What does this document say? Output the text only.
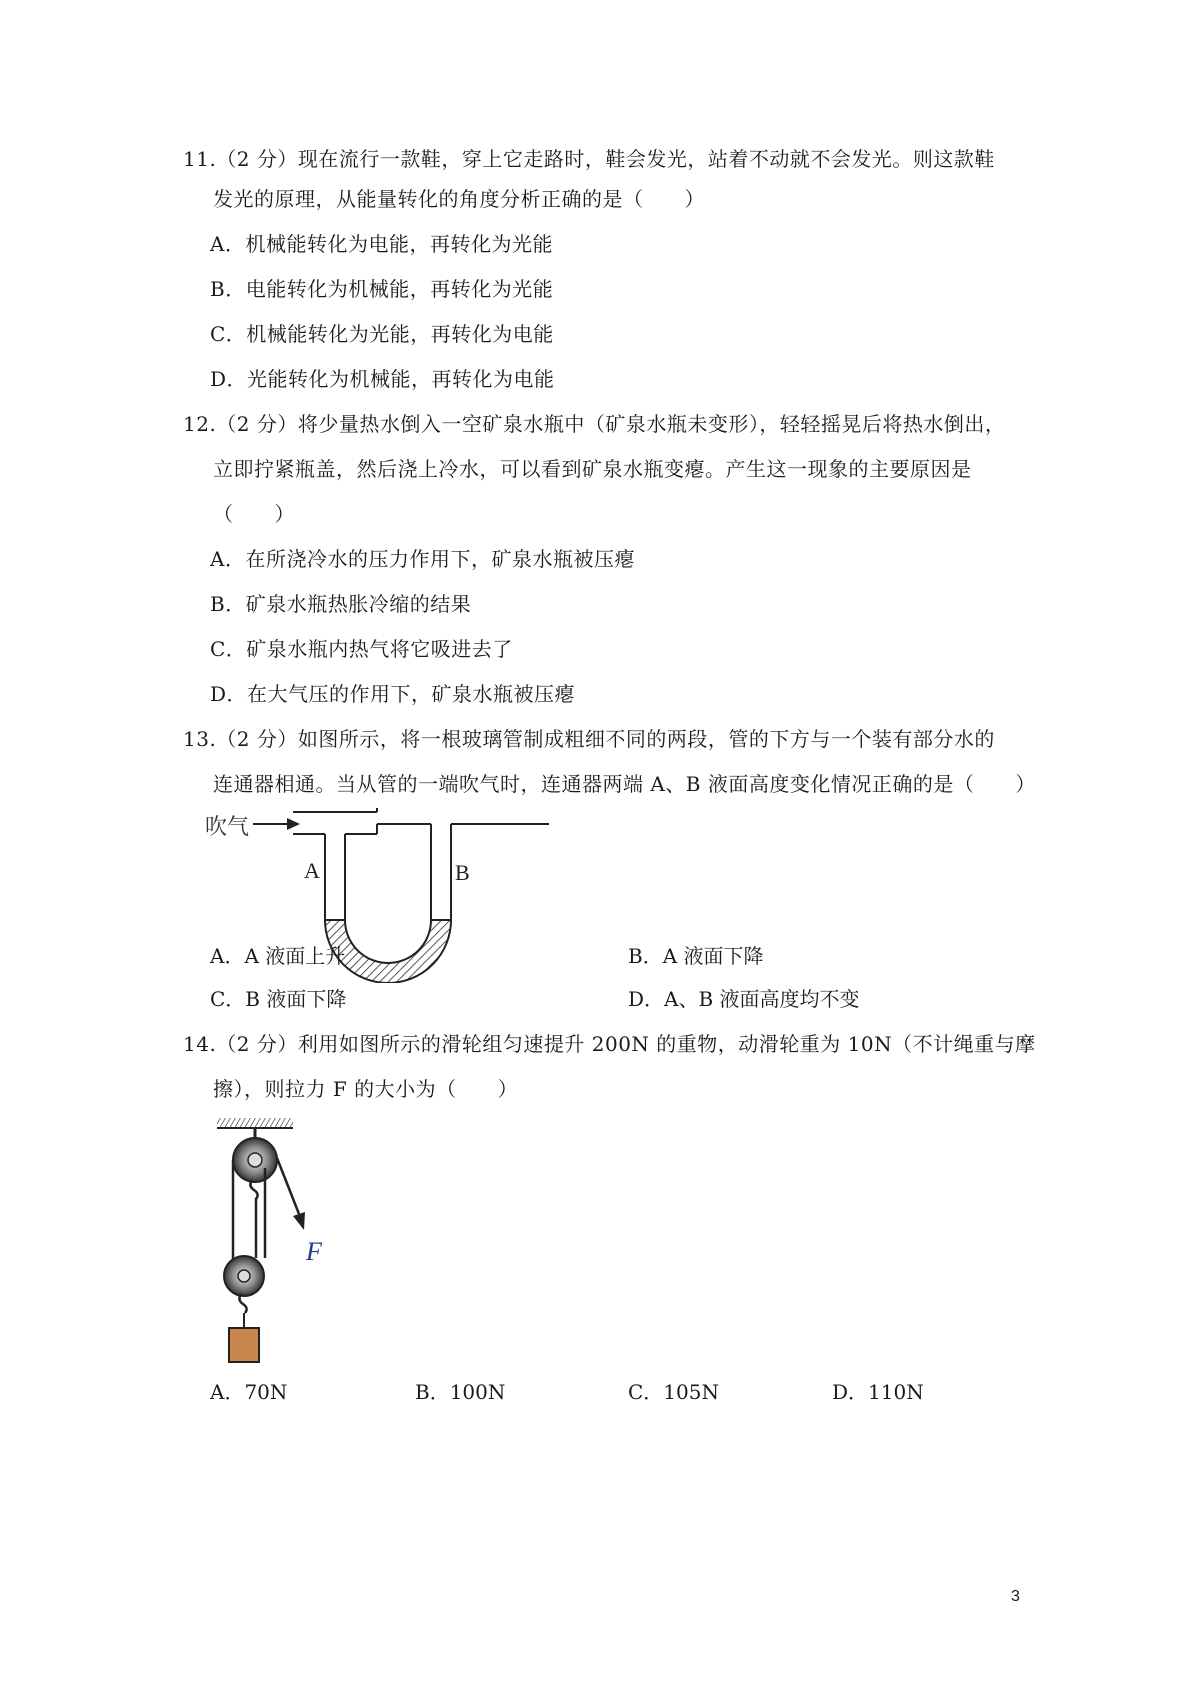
11.（2 分）现在流行一款鞋，穿上它走路时，鞋会发光，站着不动就不会发光。则这款鞋
发光的原理，从能量转化的角度分析正确的是（　　）
A．机械能转化为电能，再转化为光能
B．电能转化为机械能，再转化为光能
C．机械能转化为光能，再转化为电能
D．光能转化为机械能，再转化为电能
12.（2 分）将少量热水倒入一空矿泉水瓶中（矿泉水瓶未变形），轻轻摇晃后将热水倒出，
立即拧紧瓶盖，然后浇上冷水，可以看到矿泉水瓶变瘪。产生这一现象的主要原因是
（　　）
A．在所浇冷水的压力作用下，矿泉水瓶被压瘪
B．矿泉水瓶热胀冷缩的结果
C．矿泉水瓶内热气将它吸进去了
D．在大气压的作用下，矿泉水瓶被压瘪
13.（2 分）如图所示，将一根玻璃管制成粗细不同的两段，管的下方与一个装有部分水的
连通器相通。当从管的一端吹气时，连通器两端 A、B 液面高度变化情况正确的是（　　）
吹气
A	B
A．A 液面上升	B．A 液面下降
C．B 液面下降	D．A、B 液面高度均不变
14.（2 分）利用如图所示的滑轮组匀速提升 200N 的重物，动滑轮重为 10N（不计绳重与摩
擦），则拉力 F 的大小为（　　）
F
A．70N	B．100N	C．105N	D．110N
3
